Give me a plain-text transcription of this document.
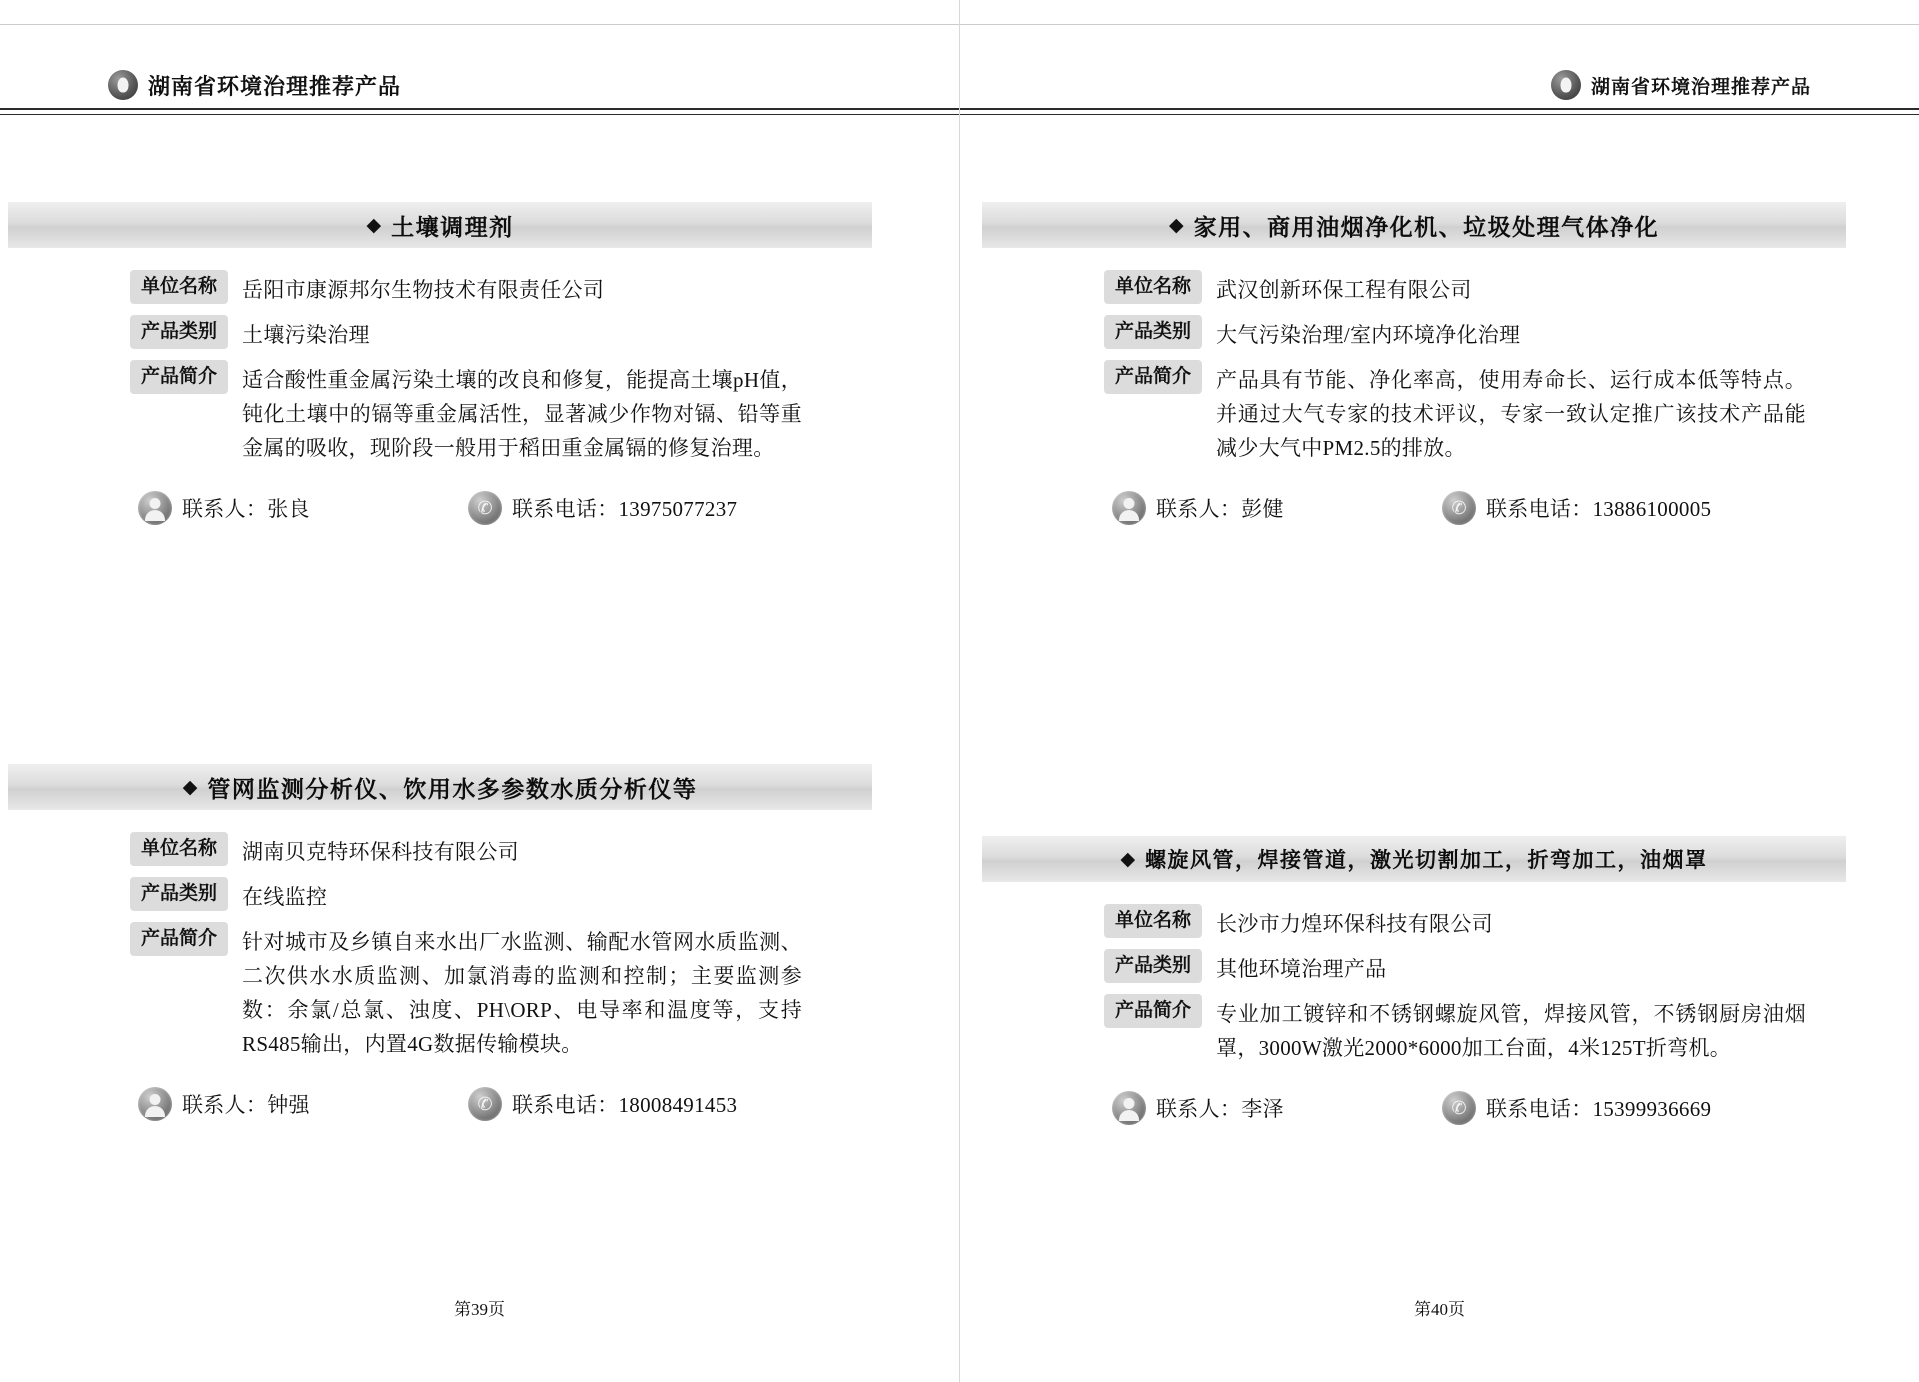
湖南省环境治理推荐产品	湖南省环境治理推荐产品
◆ 土壤调理剂
单位名称	岳阳市康源邦尔生物技术有限责任公司
产品类别	土壤污染治理
产品简介	适合酸性重金属污染土壤的改良和修复，能提高土壤pH值，钝化土壤中的镉等重金属活性，显著减少作物对镉、铅等重金属的吸收，现阶段一般用于稻田重金属镉的修复治理。
联系人：张良	✆ 联系电话：13975077237
◆ 管网监测分析仪、饮用水多参数水质分析仪等
单位名称	湖南贝克特环保科技有限公司
产品类别	在线监控
产品简介	针对城市及乡镇自来水出厂水监测、输配水管网水质监测、二次供水水质监测、加氯消毒的监测和控制；主要监测参数：余氯/总氯、浊度、PH\ORP、电导率和温度等，支持RS485输出，内置4G数据传输模块。
联系人：钟强	✆ 联系电话：18008491453
◆ 家用、商用油烟净化机、垃圾处理气体净化
单位名称	武汉创新环保工程有限公司
产品类别	大气污染治理/室内环境净化治理
产品简介	产品具有节能、净化率高，使用寿命长、运行成本低等特点。并通过大气专家的技术评议，专家一致认定推广该技术产品能减少大气中PM2.5的排放。
联系人：彭健	✆ 联系电话：13886100005
◆ 螺旋风管，焊接管道，激光切割加工，折弯加工，油烟罩
单位名称	长沙市力煌环保科技有限公司
产品类别	其他环境治理产品
产品简介	专业加工镀锌和不锈钢螺旋风管，焊接风管，不锈钢厨房油烟罩，3000W激光2000*6000加工台面，4米125T折弯机。
联系人：李泽	✆ 联系电话：15399936669
第39页	第40页
